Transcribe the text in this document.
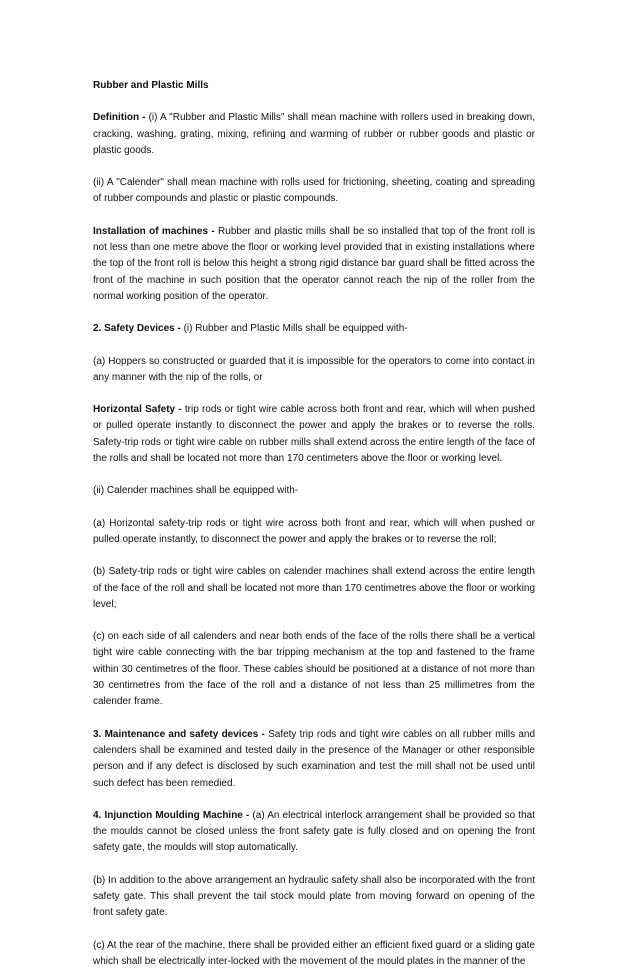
Rubber and Plastic Mills

Definition - (i) A "Rubber and Plastic Mills" shall mean machine with rollers used in breaking down, cracking, washing, grating, mixing, refining and warming of rubber or rubber goods and plastic or plastic goods.

(ii) A "Calender" shall mean machine with rolls used for frictioning, sheeting, coating and spreading of rubber compounds and plastic or plastic compounds.

Installation of machines - Rubber and plastic mills shall be so installed that top of the front roll is not less than one metre above the floor or working level provided that in existing installations where the top of the front roll is below this height a strong rigid distance bar guard shall be fitted across the front of the machine in such position that the operator cannot reach the nip of the roller from the normal working position of the operator.

2. Safety Devices - (i) Rubber and Plastic Mills shall be equipped with-

(a) Hoppers so constructed or guarded that it is impossible for the operators to come into contact in any manner with the nip of the rolls, or

Horizontal Safety - trip rods or tight wire cable across both front and rear, which will when pushed or pulled operate instantly to disconnect the power and apply the brakes or to reverse the rolls. Safety-trip rods or tight wire cable on rubber mills shall extend across the entire length of the face of the rolls and shall be located not more than 170 centimeters above the floor or working level.

(ii) Calender machines shall be equipped with-

(a) Horizontal safety-trip rods or tight wire across both front and rear, which will when pushed or pulled operate instantly, to disconnect the power and apply the brakes or to reverse the roll;

(b) Safety-trip rods or tight wire cables on calender machines shall extend across the entire length of the face of the roll and shall be located not more than 170 centimetres above the floor or working level;

(c) on each side of all calenders and near both ends of the face of the rolls there shall be a vertical tight wire cable connecting with the bar tripping mechanism at the top and fastened to the frame within 30 centimetres of the floor. These cables should be positioned at a distance of not more than 30 centimetres from the face of the roll and a distance of not less than 25 millimetres from the calender frame.

3. Maintenance and safety devices - Safety trip rods and tight wire cables on all rubber mills and calenders shall be examined and tested daily in the presence of the Manager or other responsible person and if any defect is disclosed by such examination and test the mill shall not be used until such defect has been remedied.

4. Injunction Moulding Machine - (a) An electrical interlock arrangement shall be provided so that the moulds cannot be closed unless the front safety gate is fully closed and on opening the front safety gate, the moulds will stop automatically.

(b) In addition to the above arrangement an hydraulic safety shall also be incorporated with the front safety gate. This shall prevent the tail stock mould plate from moving forward on opening of the front safety gate.

(c) At the rear of the machine, there shall be provided either an efficient fixed guard or a sliding gate which shall be electrically inter-locked with the movement of the mould plates in the manner of the
